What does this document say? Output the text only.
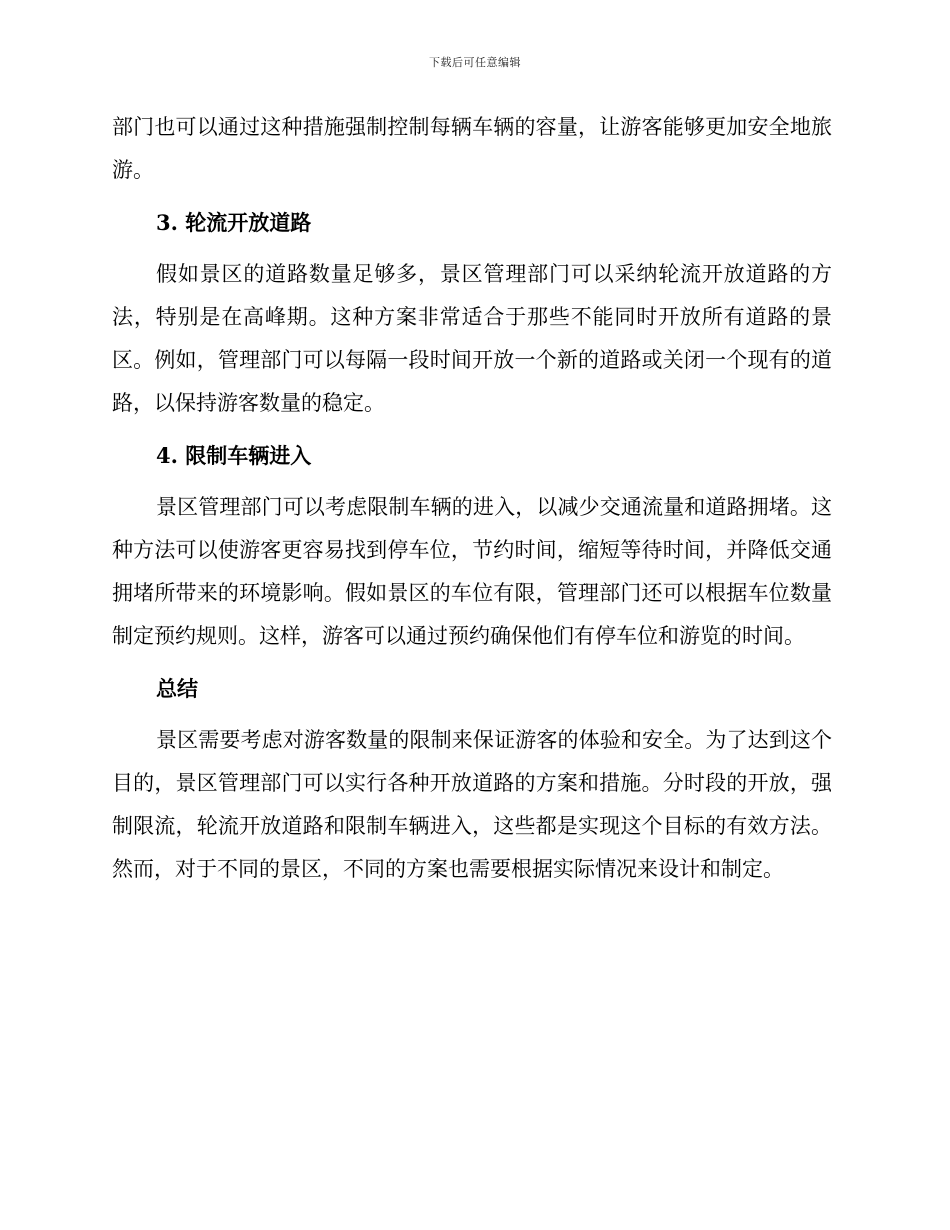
下载后可任意编辑

部门也可以通过这种措施强制控制每辆车辆的容量，让游客能够更加安全地旅游。

3. 轮流开放道路

假如景区的道路数量足够多，景区管理部门可以采纳轮流开放道路的方法，特别是在高峰期。这种方案非常适合于那些不能同时开放所有道路的景区。例如，管理部门可以每隔一段时间开放一个新的道路或关闭一个现有的道路，以保持游客数量的稳定。

4. 限制车辆进入

景区管理部门可以考虑限制车辆的进入，以减少交通流量和道路拥堵。这种方法可以使游客更容易找到停车位，节约时间，缩短等待时间，并降低交通拥堵所带来的环境影响。假如景区的车位有限，管理部门还可以根据车位数量制定预约规则。这样，游客可以通过预约确保他们有停车位和游览的时间。

总结

景区需要考虑对游客数量的限制来保证游客的体验和安全。为了达到这个目的，景区管理部门可以实行各种开放道路的方案和措施。分时段的开放，强制限流，轮流开放道路和限制车辆进入，这些都是实现这个目标的有效方法。然而，对于不同的景区，不同的方案也需要根据实际情况来设计和制定。
